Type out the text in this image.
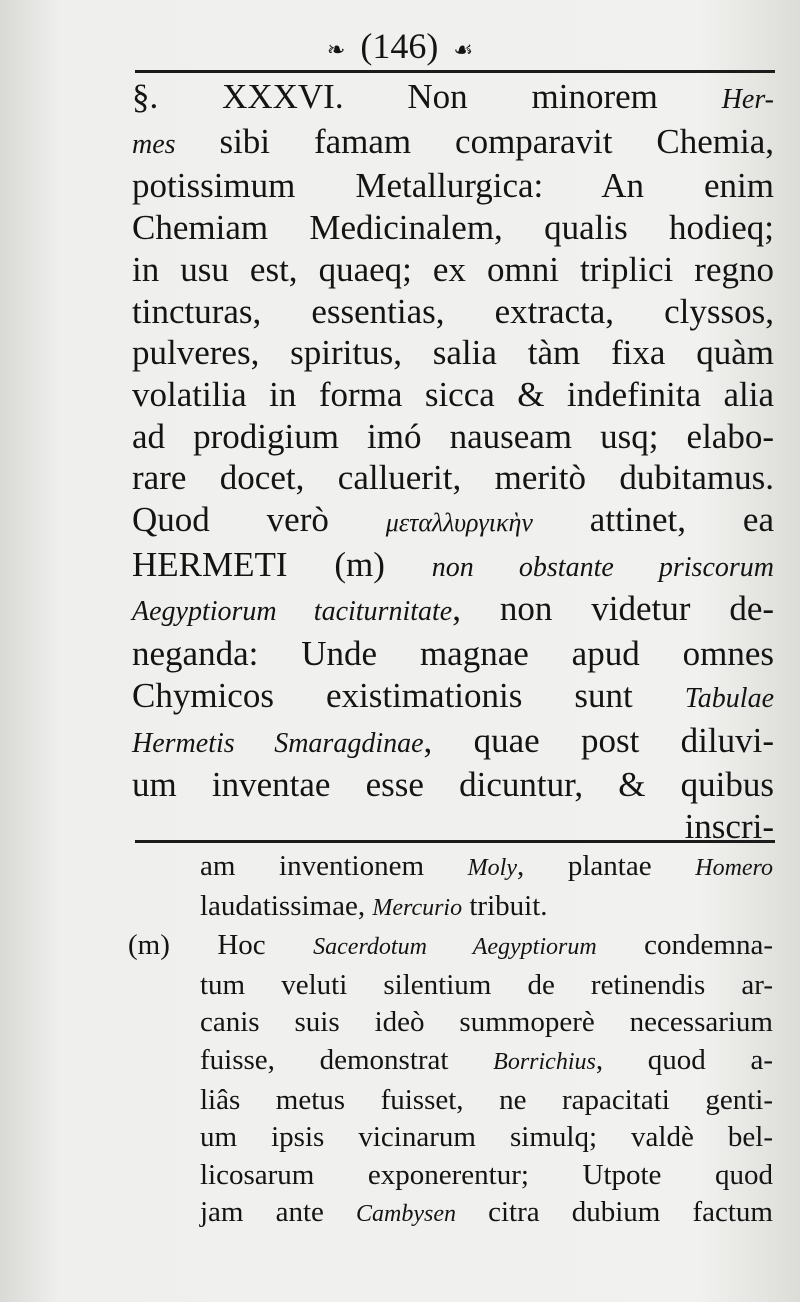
❧ (146) ☙
§. XXXVI. Non minorem Her-
mes sibi famam comparavit Chemia,
potissimum Metallurgica: An enim
Chemiam Medicinalem, qualis hodieq;
in usu est, quaeq; ex omni triplici regno
tincturas, essentias, extracta, clyssos,
pulveres, spiritus, salia tàm fixa quàm
volatilia in forma sicca & indefinita alia
ad prodigium imó nauseam usq; elabo-
rare docet, calluerit, meritò dubitamus.
Quod verò μεταλλυργικὴν attinet, ea
HERMETI (m) non obstante priscorum
Aegyptiorum taciturnitate, non videtur de-
neganda: Unde magnae apud omnes
Chymicos existimationis sunt Tabulae
Hermetis Smaragdinae, quae post diluvi-
um inventae esse dicuntur, & quibus
inscri-
am inventionem Moly, plantae Homero
laudatissimae, Mercurio tribuit.
(m) Hoc Sacerdotum Aegyptiorum condemna-
tum veluti silentium de retinendis ar-
canis suis ideò summoperè necessarium
fuisse, demonstrat Borrichius, quod a-
liâs metus fuisset, ne rapacitati genti-
um ipsis vicinarum simulq; valdè bel-
licosarum exponerentur; Utpote quod
jam ante Cambysen citra dubium factum
